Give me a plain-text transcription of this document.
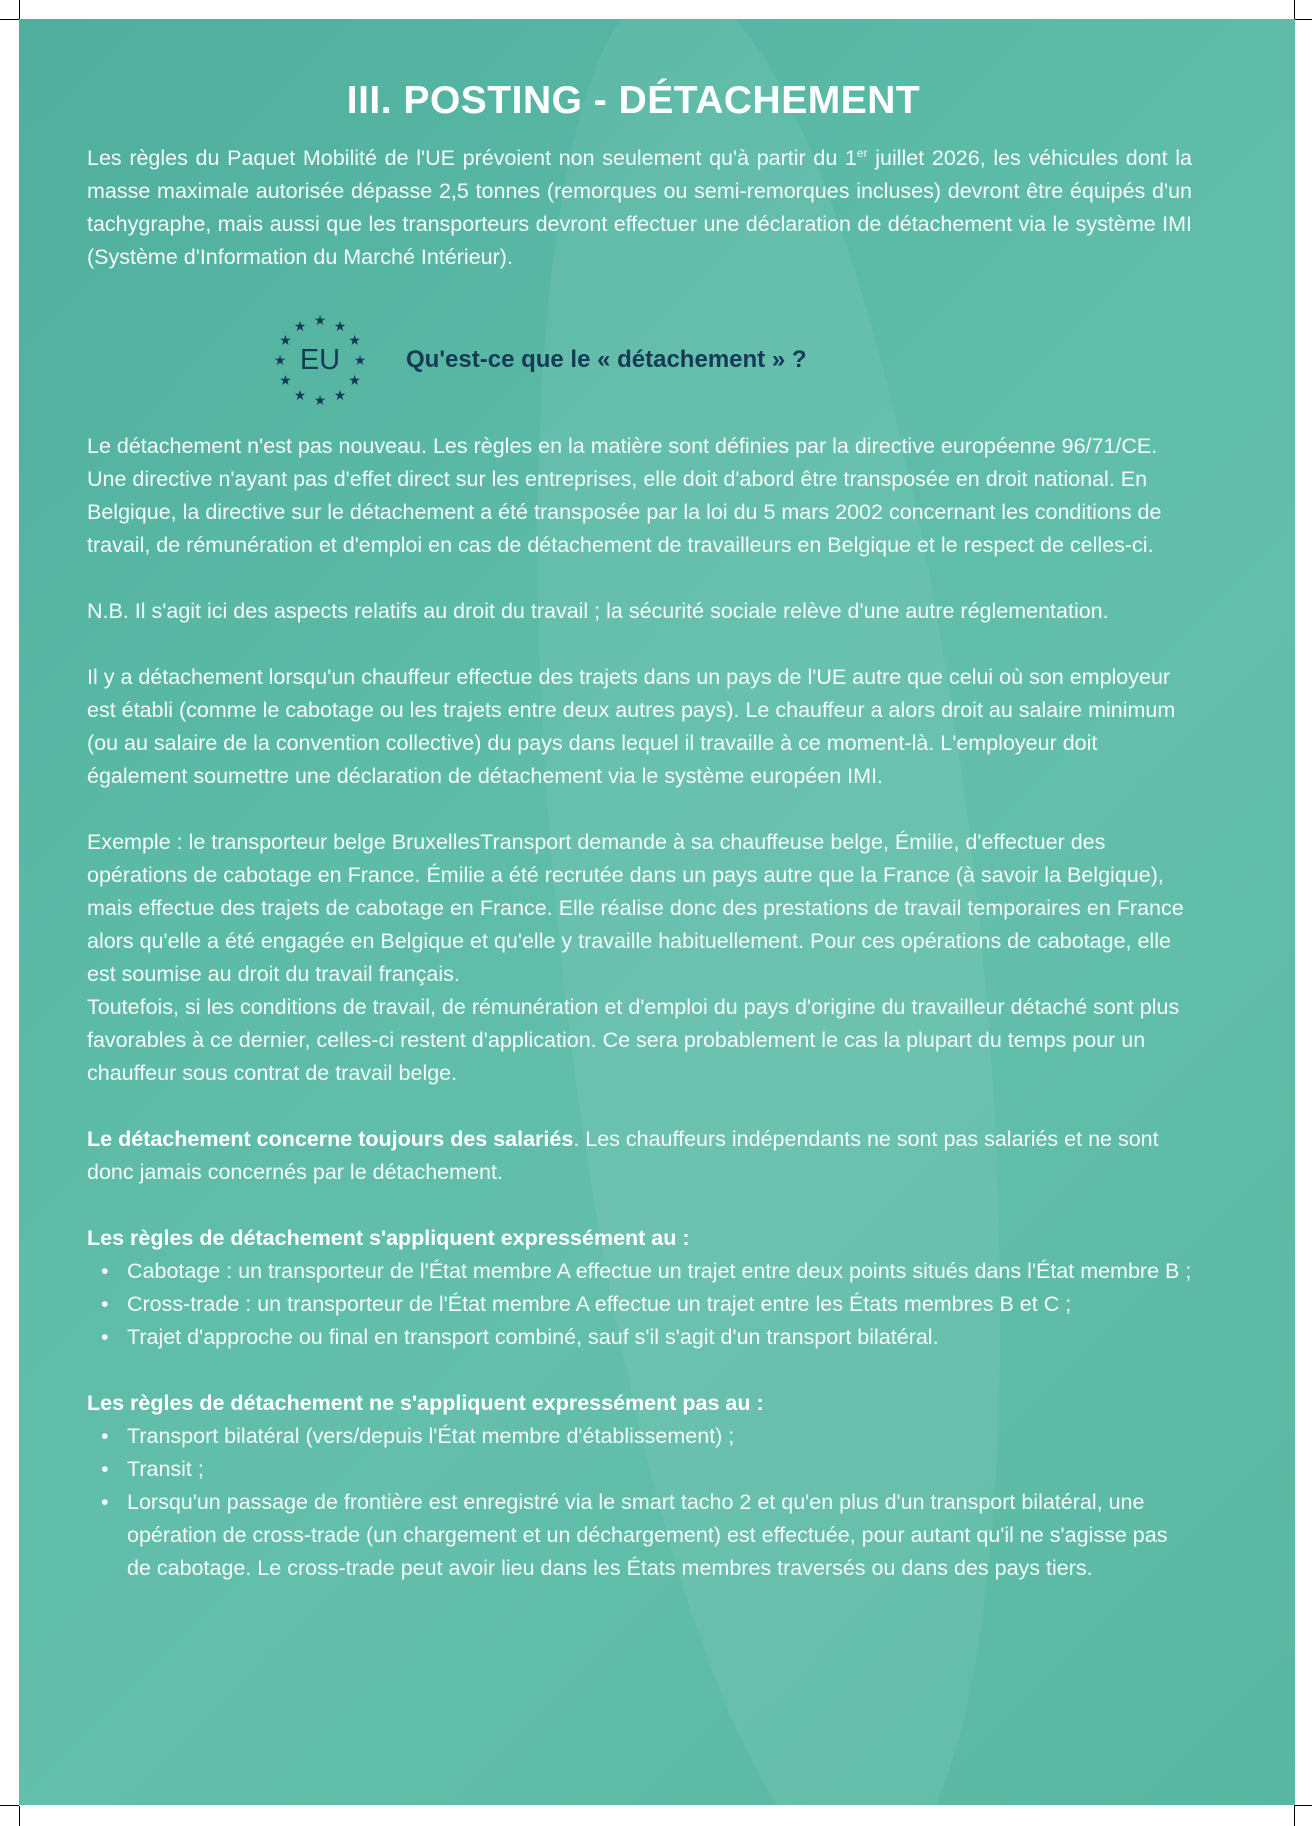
III. POSTING - DÉTACHEMENT

Les règles du Paquet Mobilité de l'UE prévoient non seulement qu'à partir du 1er juillet 2026, les véhicules dont la masse maximale autorisée dépasse 2,5 tonnes (remorques ou semi-remorques incluses) devront être équipés d'un tachygraphe, mais aussi que les transporteurs devront effectuer une déclaration de détachement via le système IMI (Système d'Information du Marché Intérieur).

EU
★ ★
★
★
★
★
★
★
★
★
★
★
Qu'est-ce que le « détachement » ?

Le détachement n'est pas nouveau. Les règles en la matière sont définies par la directive européenne 96/71/CE. Une directive n'ayant pas d'effet direct sur les entreprises, elle doit d'abord être transposée en droit national. En Belgique, la directive sur le détachement a été transposée par la loi du 5 mars 2002 concernant les conditions de travail, de rémunération et d'emploi en cas de détachement de travailleurs en Belgique et le respect de celles-ci.

N.B. Il s'agit ici des aspects relatifs au droit du travail ; la sécurité sociale relève d'une autre réglementation.

Il y a détachement lorsqu'un chauffeur effectue des trajets dans un pays de l'UE autre que celui où son employeur est établi (comme le cabotage ou les trajets entre deux autres pays). Le chauffeur a alors droit au salaire minimum (ou au salaire de la convention collective) du pays dans lequel il travaille à ce moment-là. L'employeur doit également soumettre une déclaration de détachement via le système européen IMI.

Exemple : le transporteur belge BruxellesTransport demande à sa chauffeuse belge, Émilie, d'effectuer des opérations de cabotage en France. Émilie a été recrutée dans un pays autre que la France (à savoir la Belgique), mais effectue des trajets de cabotage en France. Elle réalise donc des prestations de travail temporaires en France alors qu'elle a été engagée en Belgique et qu'elle y travaille habituellement. Pour ces opérations de cabotage, elle est soumise au droit du travail français.

Toutefois, si les conditions de travail, de rémunération et d'emploi du pays d'origine du travailleur détaché sont plus favorables à ce dernier, celles-ci restent d'application. Ce sera probablement le cas la plupart du temps pour un chauffeur sous contrat de travail belge.

Le détachement concerne toujours des salariés. Les chauffeurs indépendants ne sont pas salariés et ne sont donc jamais concernés par le détachement.

Les règles de détachement s'appliquent expressément au :

• Cabotage : un transporteur de l'État membre A effectue un trajet entre deux points situés dans l'État membre B ;
• Cross-trade : un transporteur de l'État membre A effectue un trajet entre les États membres B et C ;
• Trajet d'approche ou final en transport combiné, sauf s'il s'agit d'un transport bilatéral.

Les règles de détachement ne s'appliquent expressément pas au :

• Transport bilatéral (vers/depuis l'État membre d'établissement) ;
• Transit ;
• Lorsqu'un passage de frontière est enregistré via le smart tacho 2 et qu'en plus d'un transport bilatéral, une opération de cross-trade (un chargement et un déchargement) est effectuée, pour autant qu'il ne s'agisse pas de cabotage. Le cross-trade peut avoir lieu dans les États membres traversés ou dans des pays tiers.
